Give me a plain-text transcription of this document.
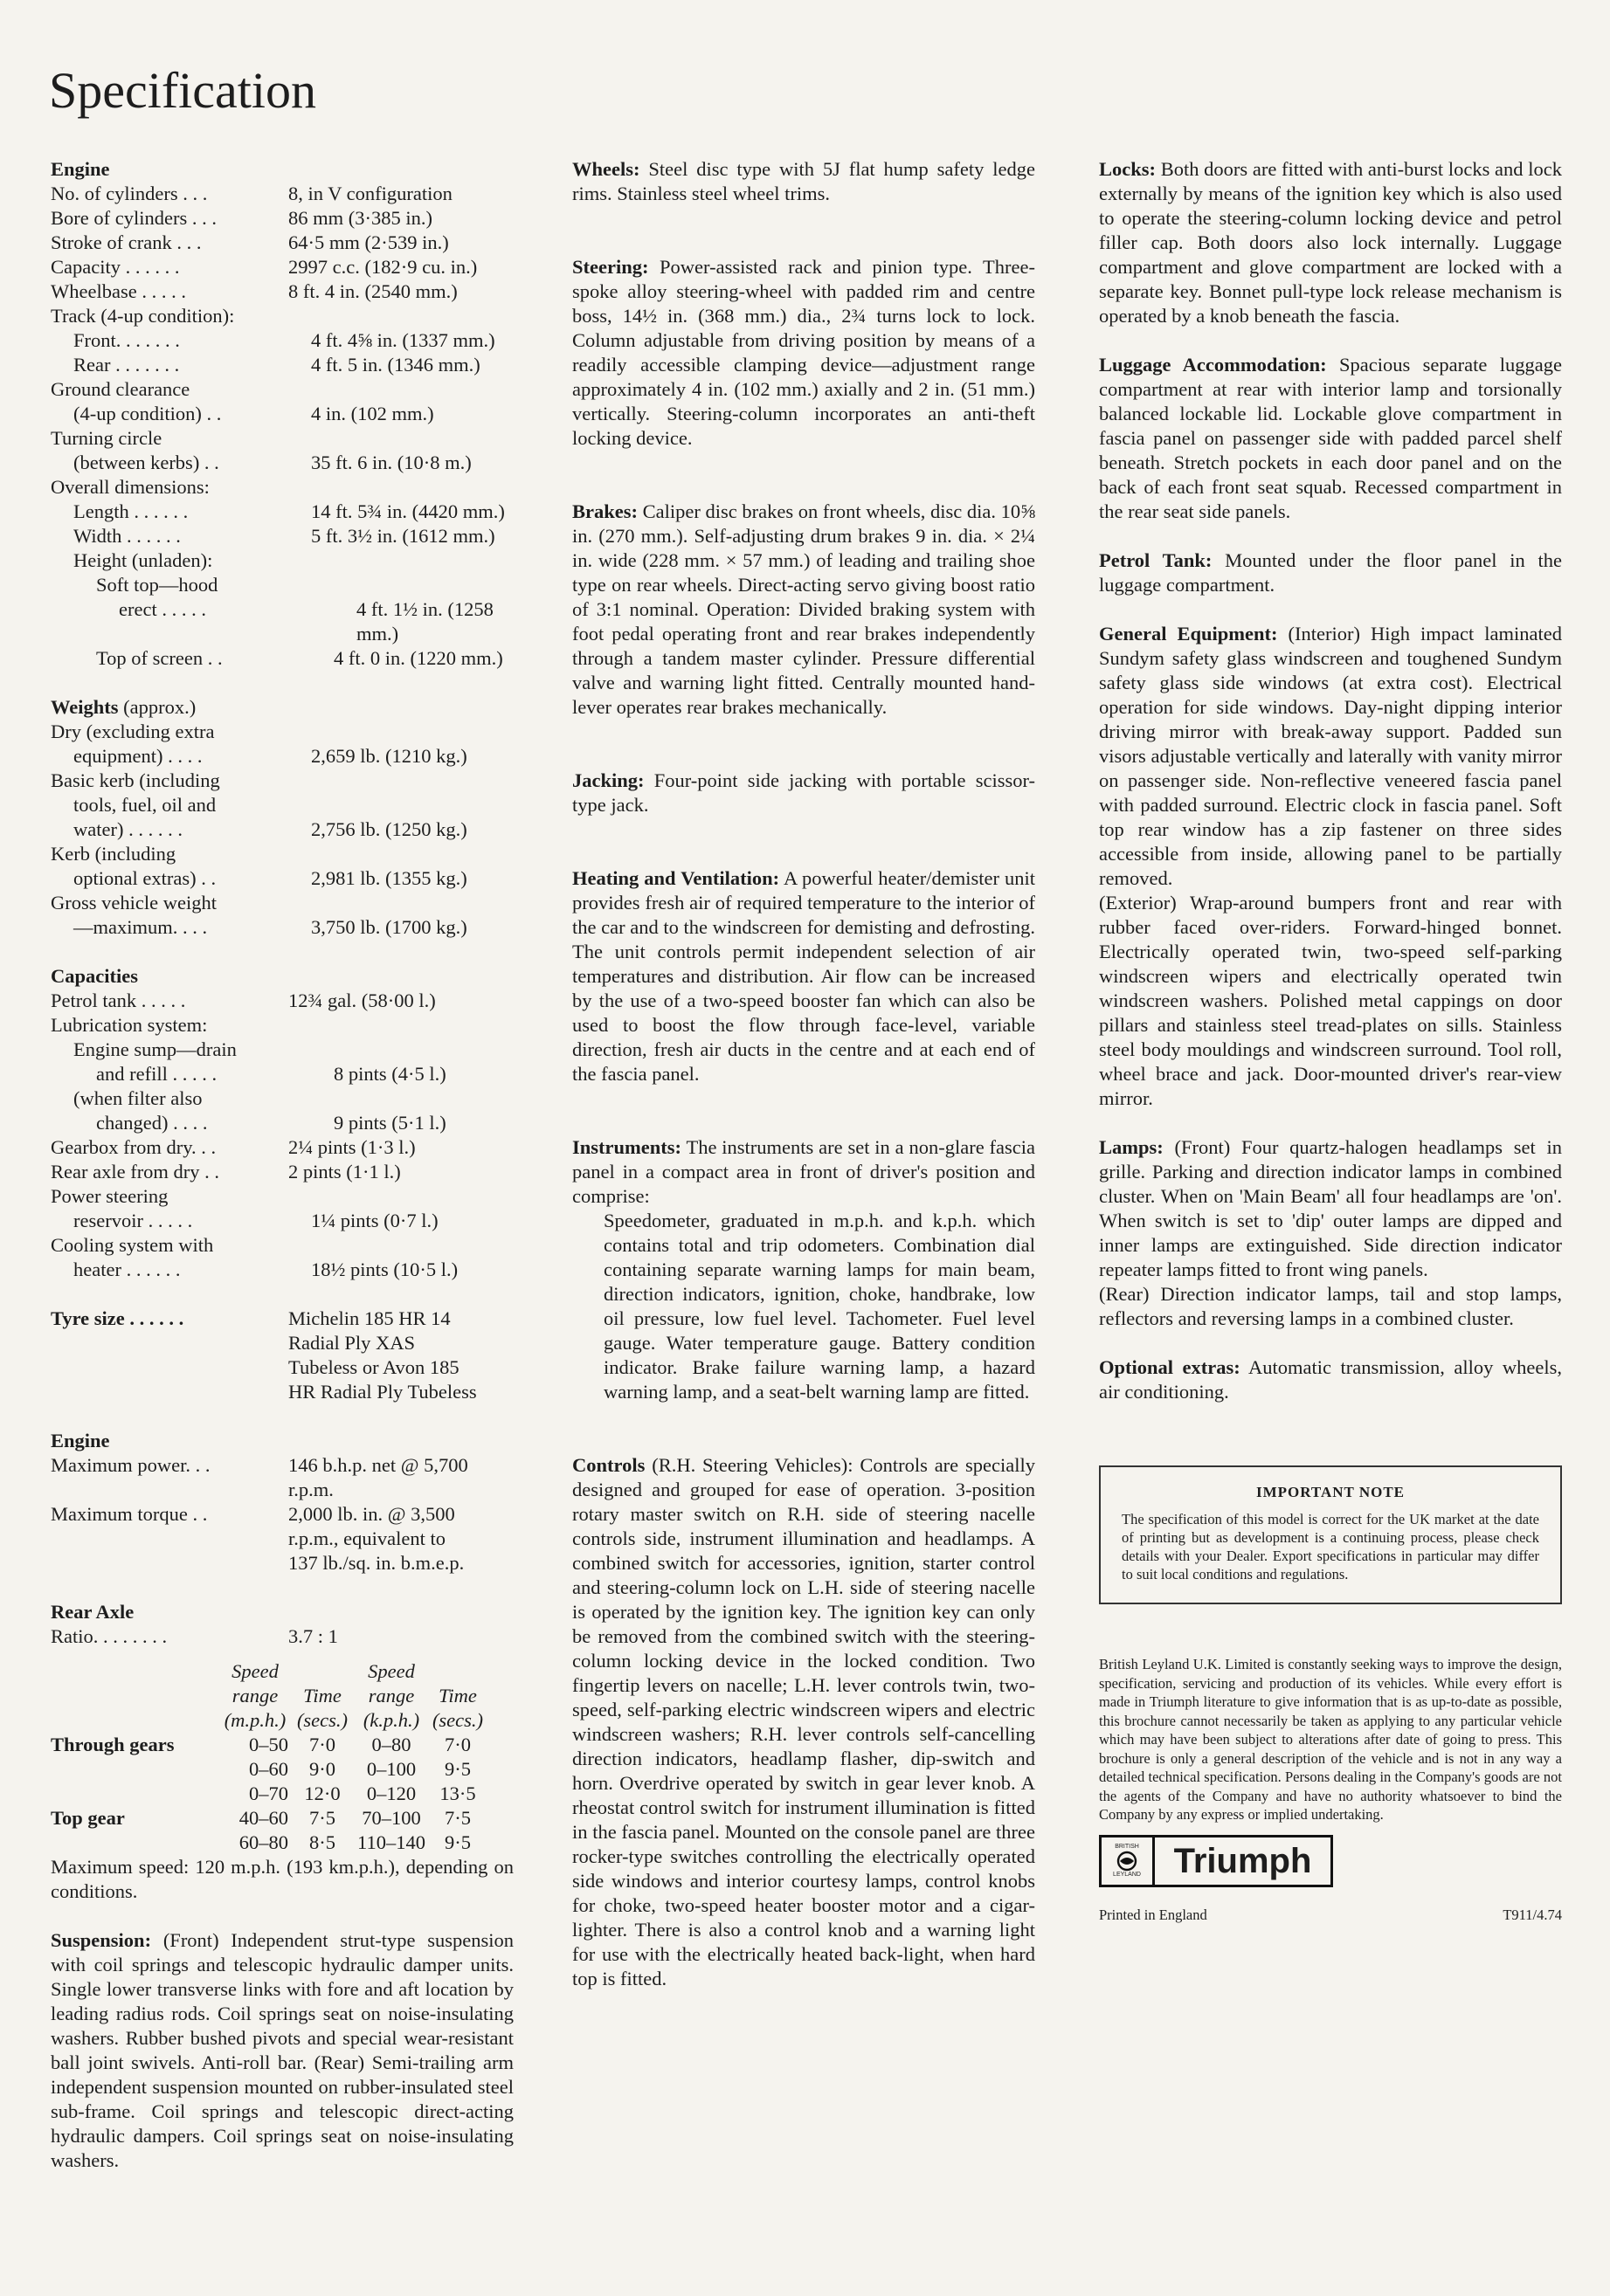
Specification
Engine
No. of cylinders . . .	8, in V configuration
Bore of cylinders . . .	86 mm (3·385 in.)
Stroke of crank . . .	64·5 mm (2·539 in.)
Capacity . . . . . .	2997 c.c. (182·9 cu. in.)
Wheelbase . . . . .	8 ft. 4 in. (2540 mm.)
Track (4-up condition):
Front. . . . . . .	4 ft. 4⅝ in. (1337 mm.)
Rear . . . . . . .	4 ft. 5 in. (1346 mm.)
Ground clearance
(4-up condition) . .	4 in. (102 mm.)
Turning circle
(between kerbs) . .	35 ft. 6 in. (10·8 m.)
Overall dimensions:
Length . . . . . .	14 ft. 5¾ in. (4420 mm.)
Width . . . . . .	5 ft. 3½ in. (1612 mm.)
Height (unladen):
Soft top—hood
erect . . . . .	4 ft. 1½ in. (1258 mm.)
Top of screen . .	4 ft. 0 in. (1220 mm.)
Weights (approx.)
Dry (excluding extra
equipment) . . . .	2,659 lb. (1210 kg.)
Basic kerb (including
tools, fuel, oil and
water) . . . . . .	2,756 lb. (1250 kg.)
Kerb (including
optional extras) . .	2,981 lb. (1355 kg.)
Gross vehicle weight
—maximum. . . .	3,750 lb. (1700 kg.)
Capacities
Petrol tank . . . . .	12¾ gal. (58·00 l.)
Lubrication system:
Engine sump—drain
and refill . . . . .	8 pints (4·5 l.)
(when filter also
changed) . . . .	9 pints (5·1 l.)
Gearbox from dry. . .	2¼ pints (1·3 l.)
Rear axle from dry . .	2 pints (1·1 l.)
Power steering
reservoir . . . . .	1¼ pints (0·7 l.)
Cooling system with
heater . . . . . .	18½ pints (10·5 l.)
Tyre size . . . . . .	Michelin 185 HR 14
Radial Ply XAS
Tubeless or Avon 185
HR Radial Ply Tubeless
Engine
Maximum power. . .	146 b.h.p. net @ 5,700
r.p.m.
Maximum torque . .	2,000 lb. in. @ 3,500
r.p.m., equivalent to
137 lb./sq. in. b.m.e.p.
Rear Axle
Ratio. . . . . . . .	3.7 : 1
	Speed		Speed	
	range	Time	range	Time
	(m.p.h.)	(secs.)	(k.p.h.)	(secs.)
Through gears	0–50	7·0	0–80	7·0
	0–60	9·0	0–100	9·5
	0–70	12·0	0–120	13·5
Top gear	40–60	7·5	70–100	7·5
	60–80	8·5	110–140	9·5

Maximum speed: 120 m.p.h. (193 km.p.h.), depending on conditions.

Suspension: (Front) Independent strut-type suspension with coil springs and telescopic hydraulic damper units. Single lower transverse links with fore and aft location by leading radius rods. Coil springs seat on noise-insulating washers. Rubber bushed pivots and special wear-resistant ball joint swivels. Anti-roll bar. (Rear) Semi-trailing arm independent suspension mounted on rubber-insulated steel sub-frame. Coil springs and telescopic direct-acting hydraulic dampers. Coil springs seat on noise-insulating washers.

Wheels: Steel disc type with 5J flat hump safety ledge rims. Stainless steel wheel trims.

Steering: Power-assisted rack and pinion type. Three-spoke alloy steering-wheel with padded rim and centre boss, 14½ in. (368 mm.) dia., 2¾ turns lock to lock. Column adjustable from driving position by means of a readily accessible clamping device—adjustment range approximately 4 in. (102 mm.) axially and 2 in. (51 mm.) vertically. Steering-column incorporates an anti-theft locking device.

Brakes: Caliper disc brakes on front wheels, disc dia. 10⅝ in. (270 mm.). Self-adjusting drum brakes 9 in. dia. × 2¼ in. wide (228 mm. × 57 mm.) of leading and trailing shoe type on rear wheels. Direct-acting servo giving boost ratio of 3:1 nominal. Operation: Divided braking system with foot pedal operating front and rear brakes independently through a tandem master cylinder. Pressure differential valve and warning light fitted. Centrally mounted hand-lever operates rear brakes mechanically.

Jacking: Four-point side jacking with portable scissor-type jack.

Heating and Ventilation: A powerful heater/demister unit provides fresh air of required temperature to the interior of the car and to the windscreen for demisting and defrosting. The unit controls permit independent selection of air temperatures and distribution. Air flow can be increased by the use of a two-speed booster fan which can also be used to boost the flow through face-level, variable direction, fresh air ducts in the centre and at each end of the fascia panel.

Instruments: The instruments are set in a non-glare fascia panel in a compact area in front of driver's position and comprise:

Speedometer, graduated in m.p.h. and k.p.h. which contains total and trip odometers. Combination dial containing separate warning lamps for main beam, direction indicators, ignition, choke, handbrake, low oil pressure, low fuel level. Tachometer. Fuel level gauge. Water temperature gauge. Battery condition indicator. Brake failure warning lamp, a hazard warning lamp, and a seat-belt warning lamp are fitted.

Controls (R.H. Steering Vehicles): Controls are specially designed and grouped for ease of operation. 3-position rotary master switch on R.H. side of steering nacelle controls side, instrument illumination and headlamps. A combined switch for accessories, ignition, starter control and steering-column lock on L.H. side of steering nacelle is operated by the ignition key. The ignition key can only be removed from the combined switch with the steering-column locking device in the locked condition. Two fingertip levers on nacelle; L.H. lever controls twin, two-speed, self-parking electric windscreen wipers and electric windscreen washers; R.H. lever controls self-cancelling direction indicators, headlamp flasher, dip-switch and horn. Overdrive operated by switch in gear lever knob. A rheostat control switch for instrument illumination is fitted in the fascia panel. Mounted on the console panel are three rocker-type switches controlling the electrically operated side windows and interior courtesy lamps, control knobs for choke, two-speed heater booster motor and a cigar-lighter. There is also a control knob and a warning light for use with the electrically heated back-light, when hard top is fitted.

Locks: Both doors are fitted with anti-burst locks and lock externally by means of the ignition key which is also used to operate the steering-column locking device and petrol filler cap. Both doors also lock internally. Luggage compartment and glove compartment are locked with a separate key. Bonnet pull-type lock release mechanism is operated by a knob beneath the fascia.

Luggage Accommodation: Spacious separate luggage compartment at rear with interior lamp and torsionally balanced lockable lid. Lockable glove compartment in fascia panel on passenger side with padded parcel shelf beneath. Stretch pockets in each door panel and on the back of each front seat squab. Recessed compartment in the rear seat side panels.

Petrol Tank: Mounted under the floor panel in the luggage compartment.

General Equipment: (Interior) High impact laminated Sundym safety glass windscreen and toughened Sundym safety glass side windows (at extra cost). Electrical operation for side windows. Day-night dipping interior driving mirror with break-away support. Padded sun visors adjustable vertically and laterally with vanity mirror on passenger side. Non-reflective veneered fascia panel with padded surround. Electric clock in fascia panel. Soft top rear window has a zip fastener on three sides accessible from inside, allowing panel to be partially removed.

(Exterior) Wrap-around bumpers front and rear with rubber faced over-riders. Forward-hinged bonnet. Electrically operated twin, two-speed self-parking windscreen wipers and electrically operated twin windscreen washers. Polished metal cappings on door pillars and stainless steel tread-plates on sills. Stainless steel body mouldings and windscreen surround. Tool roll, wheel brace and jack. Door-mounted driver's rear-view mirror.

Lamps: (Front) Four quartz-halogen headlamps set in grille. Parking and direction indicator lamps in combined cluster. When on 'Main Beam' all four headlamps are 'on'. When switch is set to 'dip' outer lamps are dipped and inner lamps are extinguished. Side direction indicator repeater lamps fitted to front wing panels.

(Rear) Direction indicator lamps, tail and stop lamps, reflectors and reversing lamps in a combined cluster.

Optional extras: Automatic transmission, alloy wheels, air conditioning.

IMPORTANT NOTE
The specification of this model is correct for the UK market at the date of printing but as development is a continuing process, please check details with your Dealer. Export specifications in particular may differ to suit local conditions and regulations.

British Leyland U.K. Limited is constantly seeking ways to improve the design, specification, servicing and production of its vehicles. While every effort is made in Triumph literature to give information that is as up-to-date as possible, this brochure cannot necessarily be taken as applying to any particular vehicle which may have been subject to alterations after date of going to press. This brochure is only a general description of the vehicle and is not in any way a detailed technical specification. Persons dealing in the Company's goods are not the agents of the Company and have no authority whatsoever to bind the Company by any express or implied undertaking.

BRITISH
LEYLAND Triumph
Printed in England	T911/4.74
